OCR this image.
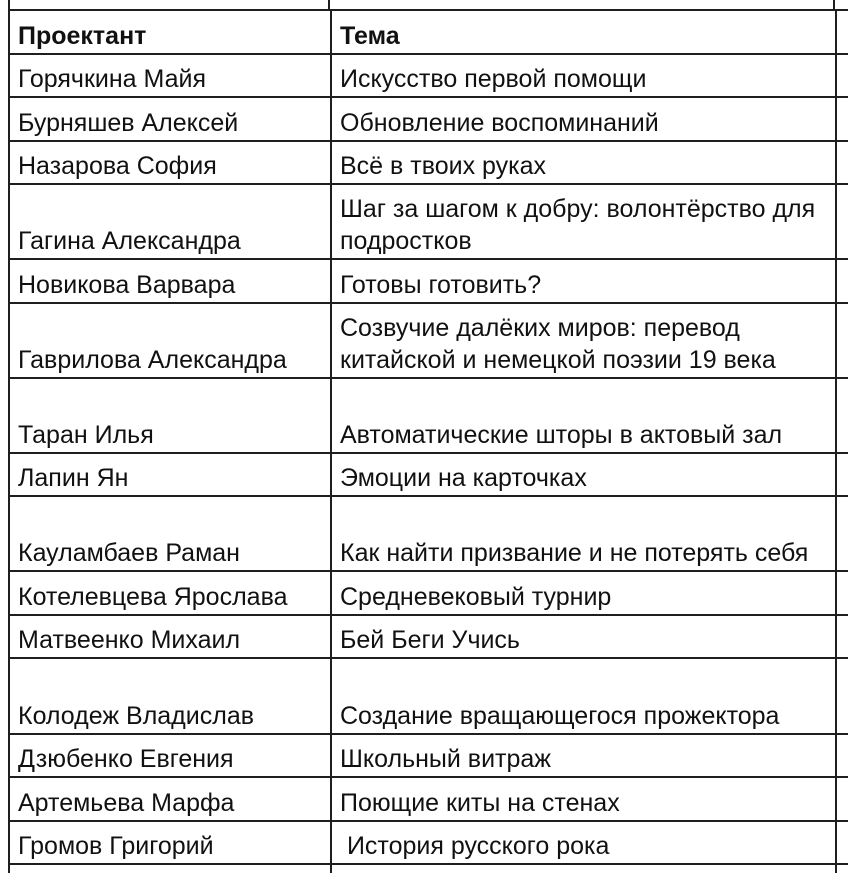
Проектант	Тема	
Горячкина Майя	Искусство первой помощи	
Бурняшев Алексей	Обновление воспоминаний	
Назарова София	Всё в твоих руках	
Гагина Александра	Шаг за шагом к добру: волонтёрство для подростков	
Новикова Варвара	Готовы готовить?	
Гаврилова Александра	Созвучие далёких миров: перевод китайской и немецкой поэзии 19 века	
Таран Илья	Автоматические шторы в актовый зал	
Лапин Ян	Эмоции на карточках	
Кауламбаев Раман	Как найти призвание и не потерять себя	
Котелевцева Ярослава	Средневековый турнир	
Матвеенко Михаил	Бей Беги Учись	
Колодеж Владислав	Создание вращающегося прожектора	
Дзюбенко Евгения	Школьный витраж	
Артемьева Марфа	Поющие киты на стенах	
Громов Григорий	История русского рока	
